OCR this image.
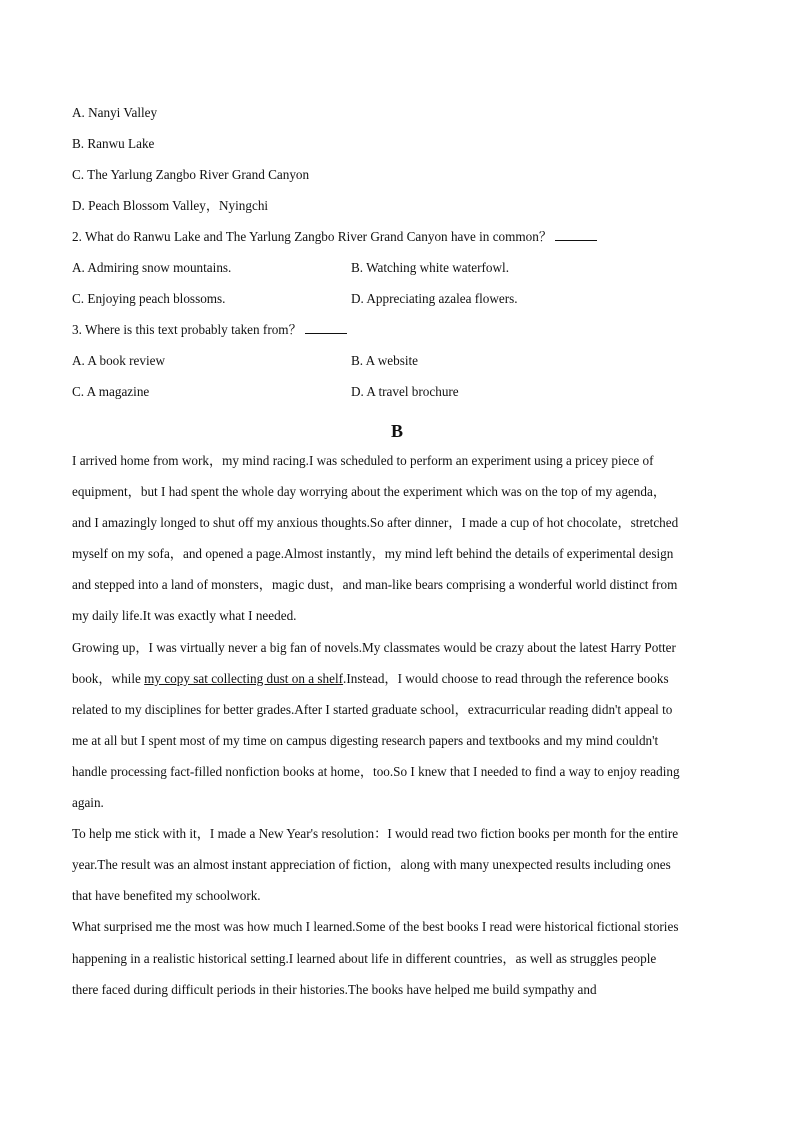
A. Nanyi Valley
B. Ranwu Lake
C. The Yarlung Zangbo River Grand Canyon
D. Peach Blossom Valley，Nyingchi
2. What do Ranwu Lake and The Yarlung Zangbo River Grand Canyon have in common？
A. Admiring snow mountains.	B. Watching white waterfowl.
C. Enjoying peach blossoms.	D. Appreciating azalea flowers.
3. Where is this text probably taken from？
A. A book review	B. A website
C. A magazine	D. A travel brochure
B
I arrived home from work，my mind racing.I was scheduled to perform an experiment using a pricey piece of
equipment，but I had spent the whole day worrying about the experiment which was on the top of my agenda，
and I amazingly longed to shut off my anxious thoughts.So after dinner，I made a cup of hot chocolate，stretched
myself on my sofa，and opened a page.Almost instantly，my mind left behind the details of experimental design
and stepped into a land of monsters，magic dust，and man-like bears comprising a wonderful world distinct from
my daily life.It was exactly what I needed.
Growing up，I was virtually never a big fan of novels.My classmates would be crazy about the latest Harry Potter
book，while my copy sat collecting dust on a shelf.Instead，I would choose to read through the reference books
related to my disciplines for better grades.After I started graduate school，extracurricular reading didn't appeal to
me at all but I spent most of my time on campus digesting research papers and textbooks and my mind couldn't
handle processing fact-filled nonfiction books at home，too.So I knew that I needed to find a way to enjoy reading
again.
To help me stick with it，I made a New Year's resolution：I would read two fiction books per month for the entire
year.The result was an almost instant appreciation of fiction，along with many unexpected results including ones
that have benefited my schoolwork.
What surprised me the most was how much I learned.Some of the best books I read were historical fictional stories
happening in a realistic historical setting.I learned about life in different countries，as well as struggles people
there faced during difficult periods in their histories.The books have helped me build sympathy and
